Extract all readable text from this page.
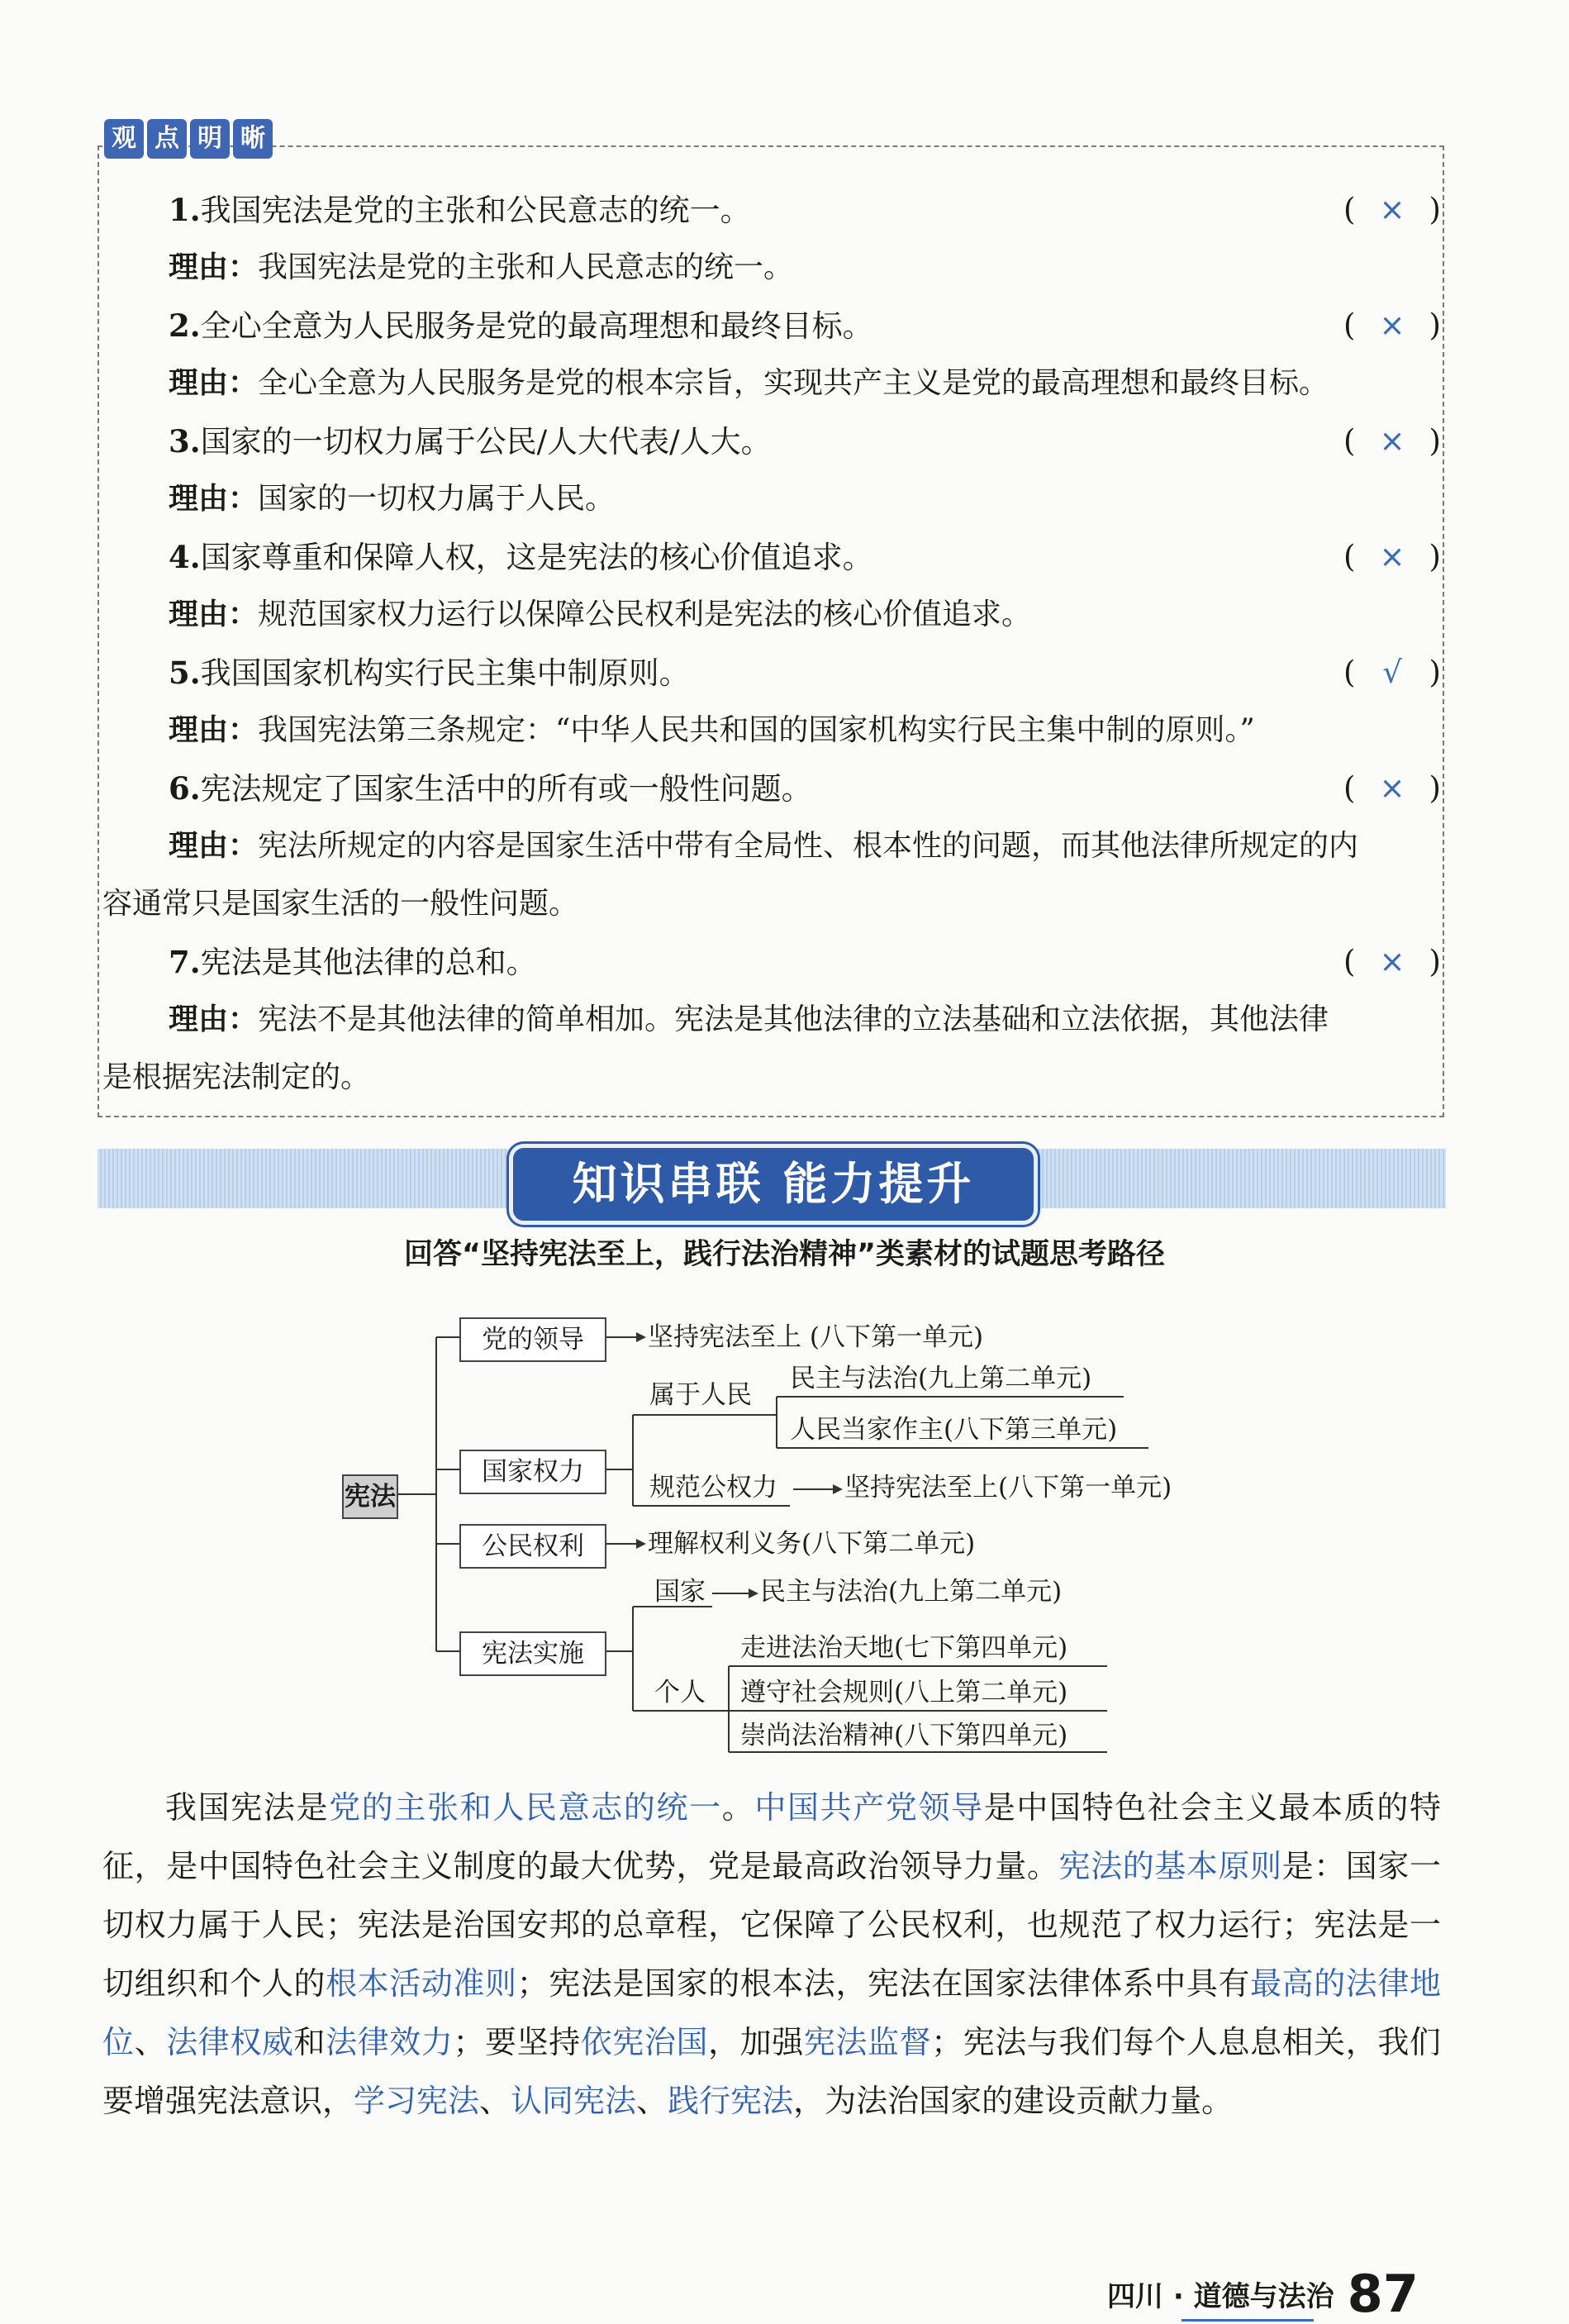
观 点 明 晰
1.我国宪法是党的主张和公民意志的统一。	( × )
理由：我国宪法是党的主张和人民意志的统一。
2.全心全意为人民服务是党的最高理想和最终目标。	( × )
理由：全心全意为人民服务是党的根本宗旨，实现共产主义是党的最高理想和最终目标。
3.国家的一切权力属于公民/人大代表/人大。	( × )
理由：国家的一切权力属于人民。
4.国家尊重和保障人权，这是宪法的核心价值追求。	( × )
理由：规范国家权力运行以保障公民权利是宪法的核心价值追求。
5.我国国家机构实行民主集中制原则。	( √ )
理由：我国宪法第三条规定：“中华人民共和国的国家机构实行民主集中制的原则。”
6.宪法规定了国家生活中的所有或一般性问题。	( × )
理由：宪法所规定的内容是国家生活中带有全局性、根本性的问题，而其他法律所规定的内
容通常只是国家生活的一般性问题。
7.宪法是其他法律的总和。	( × )
理由：宪法不是其他法律的简单相加。宪法是其他法律的立法基础和立法依据，其他法律
是根据宪法制定的。
知识串联 能力提升
回答“坚持宪法至上，践行法治精神”类素材的试题思考路径
宪法
党的领导	坚持宪法至上 (八下第一单元)
国家权力
属于人民
民主与法治(九上第二单元)
人民当家作主(八下第三单元)
规范公权力	坚持宪法至上(八下第一单元)
公民权利	理解权利义务(八下第二单元)
宪法实施
国家 民主与法治(九上第二单元)
个人
走进法治天地(七下第四单元)
遵守社会规则(八上第二单元)
崇尚法治精神(八下第四单元)
我国宪法是党的主张和人民意志的统一。中国共产党领导是中国特色社会主义最本质的特征，是中国特色社会主义制度的最大优势，党是最高政治领导力量。宪法的基本原则是：国家一切权力属于人民；宪法是治国安邦的总章程，它保障了公民权利，也规范了权力运行；宪法是一切组织和个人的根本活动准则；宪法是国家的根本法，宪法在国家法律体系中具有最高的法律地位、法律权威和法律效力；要坚持依宪治国，加强宪法监督；宪法与我们每个人息息相关，我们要增强宪法意识，学习宪法、认同宪法、践行宪法，为法治国家的建设贡献力量。
四川 · 道德与法治 87
